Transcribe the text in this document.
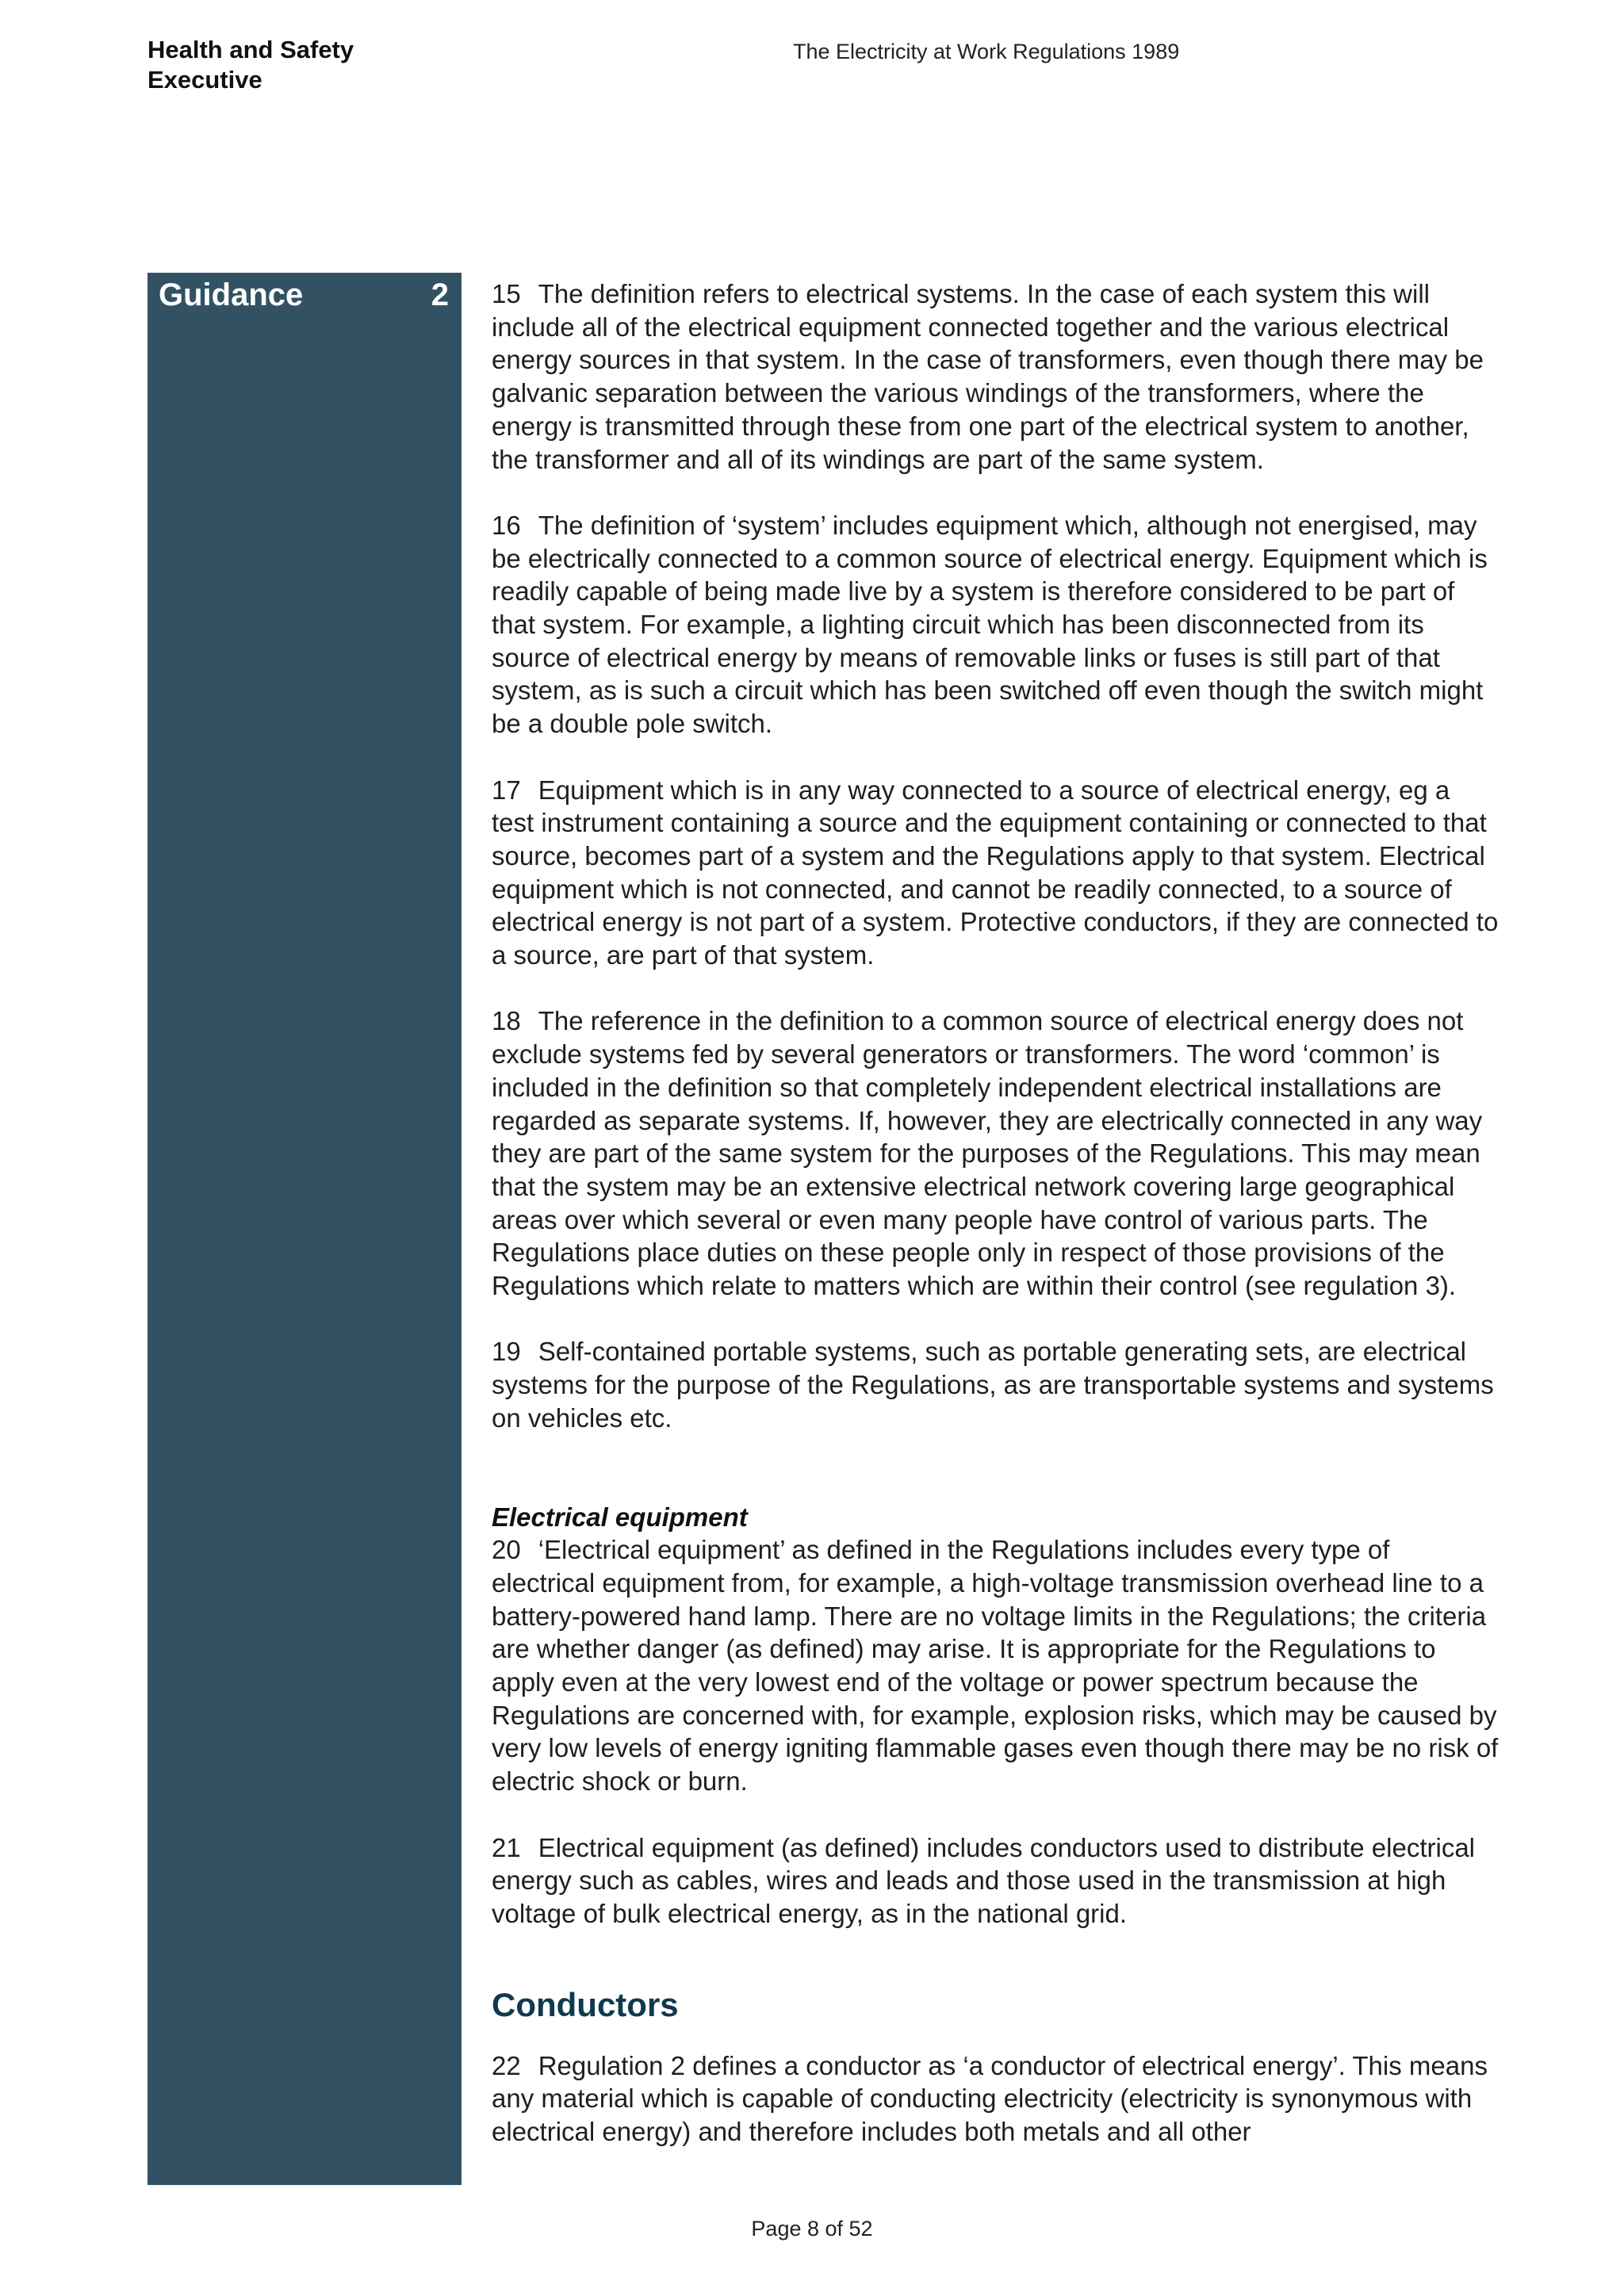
Health and Safety
Executive
The Electricity at Work Regulations 1989
Guidance	2 15 The definition refers to electrical systems. In the case of each system this will include all of the electrical equipment connected together and the various electrical energy sources in that system. In the case of transformers, even though there may be galvanic separation between the various windings of the transformers, where the energy is transmitted through these from one part of the electrical system to another, the transformer and all of its windings are part of the same system.

16 The definition of ‘system’ includes equipment which, although not energised, may be electrically connected to a common source of electrical energy. Equipment which is readily capable of being made live by a system is therefore considered to be part of that system. For example, a lighting circuit which has been disconnected from its source of electrical energy by means of removable links or fuses is still part of that system, as is such a circuit which has been switched off even though the switch might be a double pole switch.

17 Equipment which is in any way connected to a source of electrical energy, eg a test instrument containing a source and the equipment containing or connected to that source, becomes part of a system and the Regulations apply to that system. Electrical equipment which is not connected, and cannot be readily connected, to a source of electrical energy is not part of a system. Protective conductors, if they are connected to a source, are part of that system.

18 The reference in the definition to a common source of electrical energy does not exclude systems fed by several generators or transformers. The word ‘common’ is included in the definition so that completely independent electrical installations are regarded as separate systems. If, however, they are electrically connected in any way they are part of the same system for the purposes of the Regulations. This may mean that the system may be an extensive electrical network covering large geographical areas over which several or even many people have control of various parts. The Regulations place duties on these people only in respect of those provisions of the Regulations which relate to matters which are within their control (see regulation 3).

19 Self-contained portable systems, such as portable generating sets, are electrical systems for the purpose of the Regulations, as are transportable systems and systems on vehicles etc.

Electrical equipment

20 ‘Electrical equipment’ as defined in the Regulations includes every type of electrical equipment from, for example, a high-voltage transmission overhead line to a battery-powered hand lamp. There are no voltage limits in the Regulations; the criteria are whether danger (as defined) may arise. It is appropriate for the Regulations to apply even at the very lowest end of the voltage or power spectrum because the Regulations are concerned with, for example, explosion risks, which may be caused by very low levels of energy igniting flammable gases even though there may be no risk of electric shock or burn.

21 Electrical equipment (as defined) includes conductors used to distribute electrical energy such as cables, wires and leads and those used in the transmission at high voltage of bulk electrical energy, as in the national grid.

Conductors

22 Regulation 2 defines a conductor as ‘a conductor of electrical energy’. This means any material which is capable of conducting electricity (electricity is synonymous with electrical energy) and therefore includes both metals and all other

Page 8 of 52
